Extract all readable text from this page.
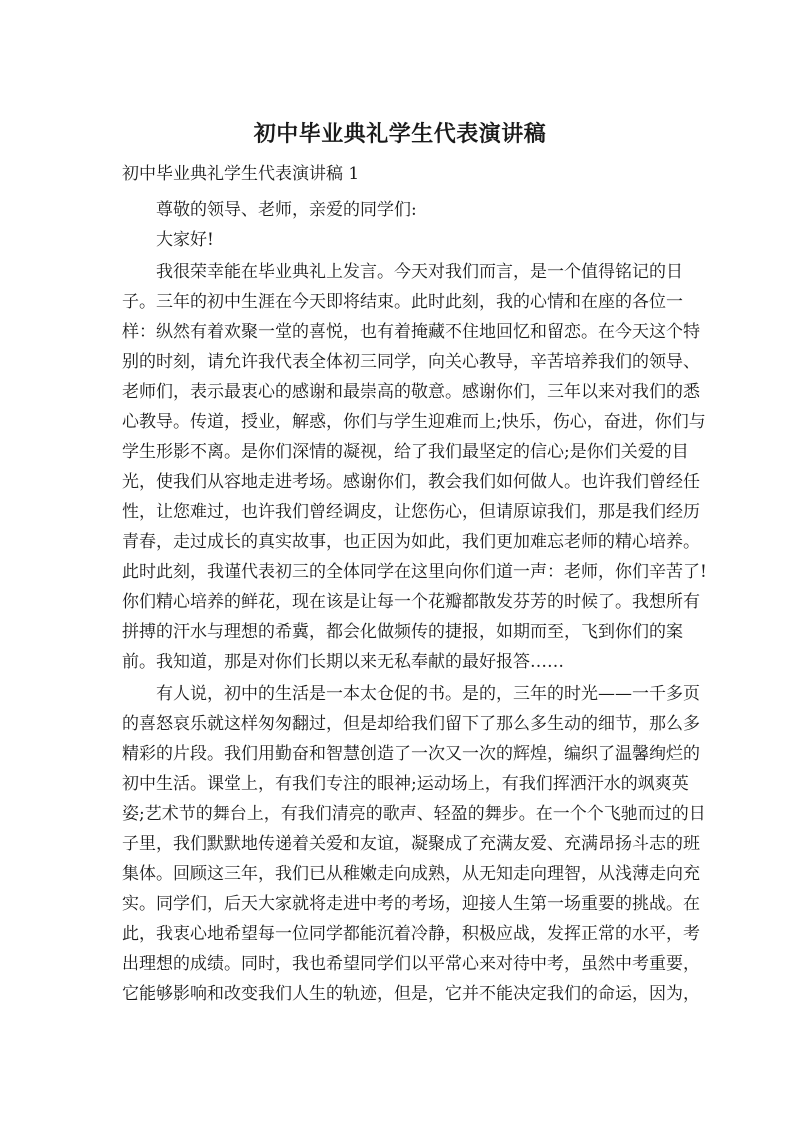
初中毕业典礼学生代表演讲稿
初中毕业典礼学生代表演讲稿 1
尊敬的领导、老师，亲爱的同学们:
大家好!
我很荣幸能在毕业典礼上发言。今天对我们而言，是一个值得铭记的日
子。三年的初中生涯在今天即将结束。此时此刻，我的心情和在座的各位一
样：纵然有着欢聚一堂的喜悦，也有着掩藏不住地回忆和留恋。在今天这个特
别的时刻，请允许我代表全体初三同学，向关心教导，辛苦培养我们的领导、
老师们，表示最衷心的感谢和最崇高的敬意。感谢你们，三年以来对我们的悉
心教导。传道，授业，解惑，你们与学生迎难而上;快乐，伤心，奋进，你们与
学生形影不离。是你们深情的凝视，给了我们最坚定的信心;是你们关爱的目
光，使我们从容地走进考场。感谢你们，教会我们如何做人。也许我们曾经任
性，让您难过，也许我们曾经调皮，让您伤心，但请原谅我们，那是我们经历
青春，走过成长的真实故事，也正因为如此，我们更加难忘老师的精心培养。
此时此刻，我谨代表初三的全体同学在这里向你们道一声：老师，你们辛苦了!
你们精心培养的鲜花，现在该是让每一个花瓣都散发芬芳的时候了。我想所有
拼搏的汗水与理想的希冀，都会化做频传的捷报，如期而至，飞到你们的案
前。我知道，那是对你们长期以来无私奉献的最好报答……
有人说，初中的生活是一本太仓促的书。是的，三年的时光——一千多页
的喜怒哀乐就这样匆匆翻过，但是却给我们留下了那么多生动的细节，那么多
精彩的片段。我们用勤奋和智慧创造了一次又一次的辉煌，编织了温馨绚烂的
初中生活。课堂上，有我们专注的眼神;运动场上，有我们挥洒汗水的飒爽英
姿;艺术节的舞台上，有我们清亮的歌声、轻盈的舞步。在一个个飞驰而过的日
子里，我们默默地传递着关爱和友谊，凝聚成了充满友爱、充满昂扬斗志的班
集体。回顾这三年，我们已从稚嫩走向成熟，从无知走向理智，从浅薄走向充
实。同学们，后天大家就将走进中考的考场，迎接人生第一场重要的挑战。在
此，我衷心地希望每一位同学都能沉着冷静，积极应战，发挥正常的水平，考
出理想的成绩。同时，我也希望同学们以平常心来对待中考，虽然中考重要，
它能够影响和改变我们人生的轨迹，但是，它并不能决定我们的命运，因为，
